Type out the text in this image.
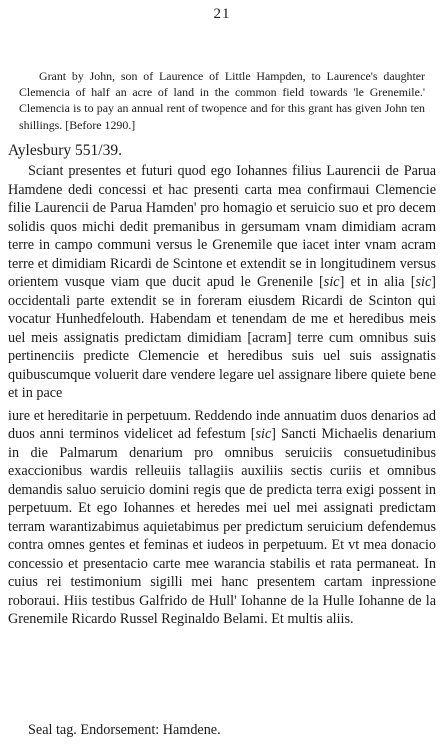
21
Grant by John, son of Laurence of Little Hampden, to Laurence's daughter Clemencia of half an acre of land in the common field towards 'le Grenemile.' Clemencia is to pay an annual rent of twopence and for this grant has given John ten shillings. [Before 1290.]
Aylesbury 551/39.

Sciant presentes et futuri quod ego Iohannes filius Laurencii de Parua Hamdene dedi concessi et hac presenti carta mea confirmaui Clemencie filie Laurencii de Parua Hamden' pro homagio et seruicio suo et pro decem solidis quos michi dedit premanibus in gersumam vnam dimidiam acram terre in campo communi versus le Grenemile que iacet inter vnam acram terre et dimidiam Ricardi de Scintone et extendit se in longitudinem versus orientem vusque viam que ducit apud le Grenenile [sic] et in alia [sic] occidentali parte extendit se in foreram eiusdem Ricardi de Scinton qui vocatur Hunhedfelouth. Habendam et tenendam de me et heredibus meis uel meis assignatis predictam dimidiam [acram] terre cum omnibus suis pertinenciis predicte Clemencie et heredibus suis uel suis assignatis quibuscumque voluerit dare vendere legare uel assignare libere quiete bene et in pace

iure et hereditarie in perpetuum. Reddendo inde annuatim duos denarios ad duos anni terminos videlicet ad fefestum [sic] Sancti Michaelis denarium in die Palmarum denarium pro omnibus seruiciis consuetudinibus exaccionibus wardis relleuiis tallagiis auxiliis sectis curiis et omnibus demandis saluo seruicio domini regis que de predicta terra exigi possent in perpetuum. Et ego Iohannes et heredes mei uel mei assignati predictam terram warantizabimus aquietabimus per predictum seruicium defendemus contra omnes gentes et feminas et iudeos in perpetuum. Et vt mea donacio concessio et presentacio carte mee warancia stabilis et rata permaneat. In cuius rei testimonium sigilli mei hanc presentem cartam inpressione roboraui. Hiis testibus Galfrido de Hull' Iohanne de la Hulle Iohanne de la Grenemile Ricardo Russel Reginaldo Belami. Et multis aliis.

Seal tag. Endorsement: Hamdene.
